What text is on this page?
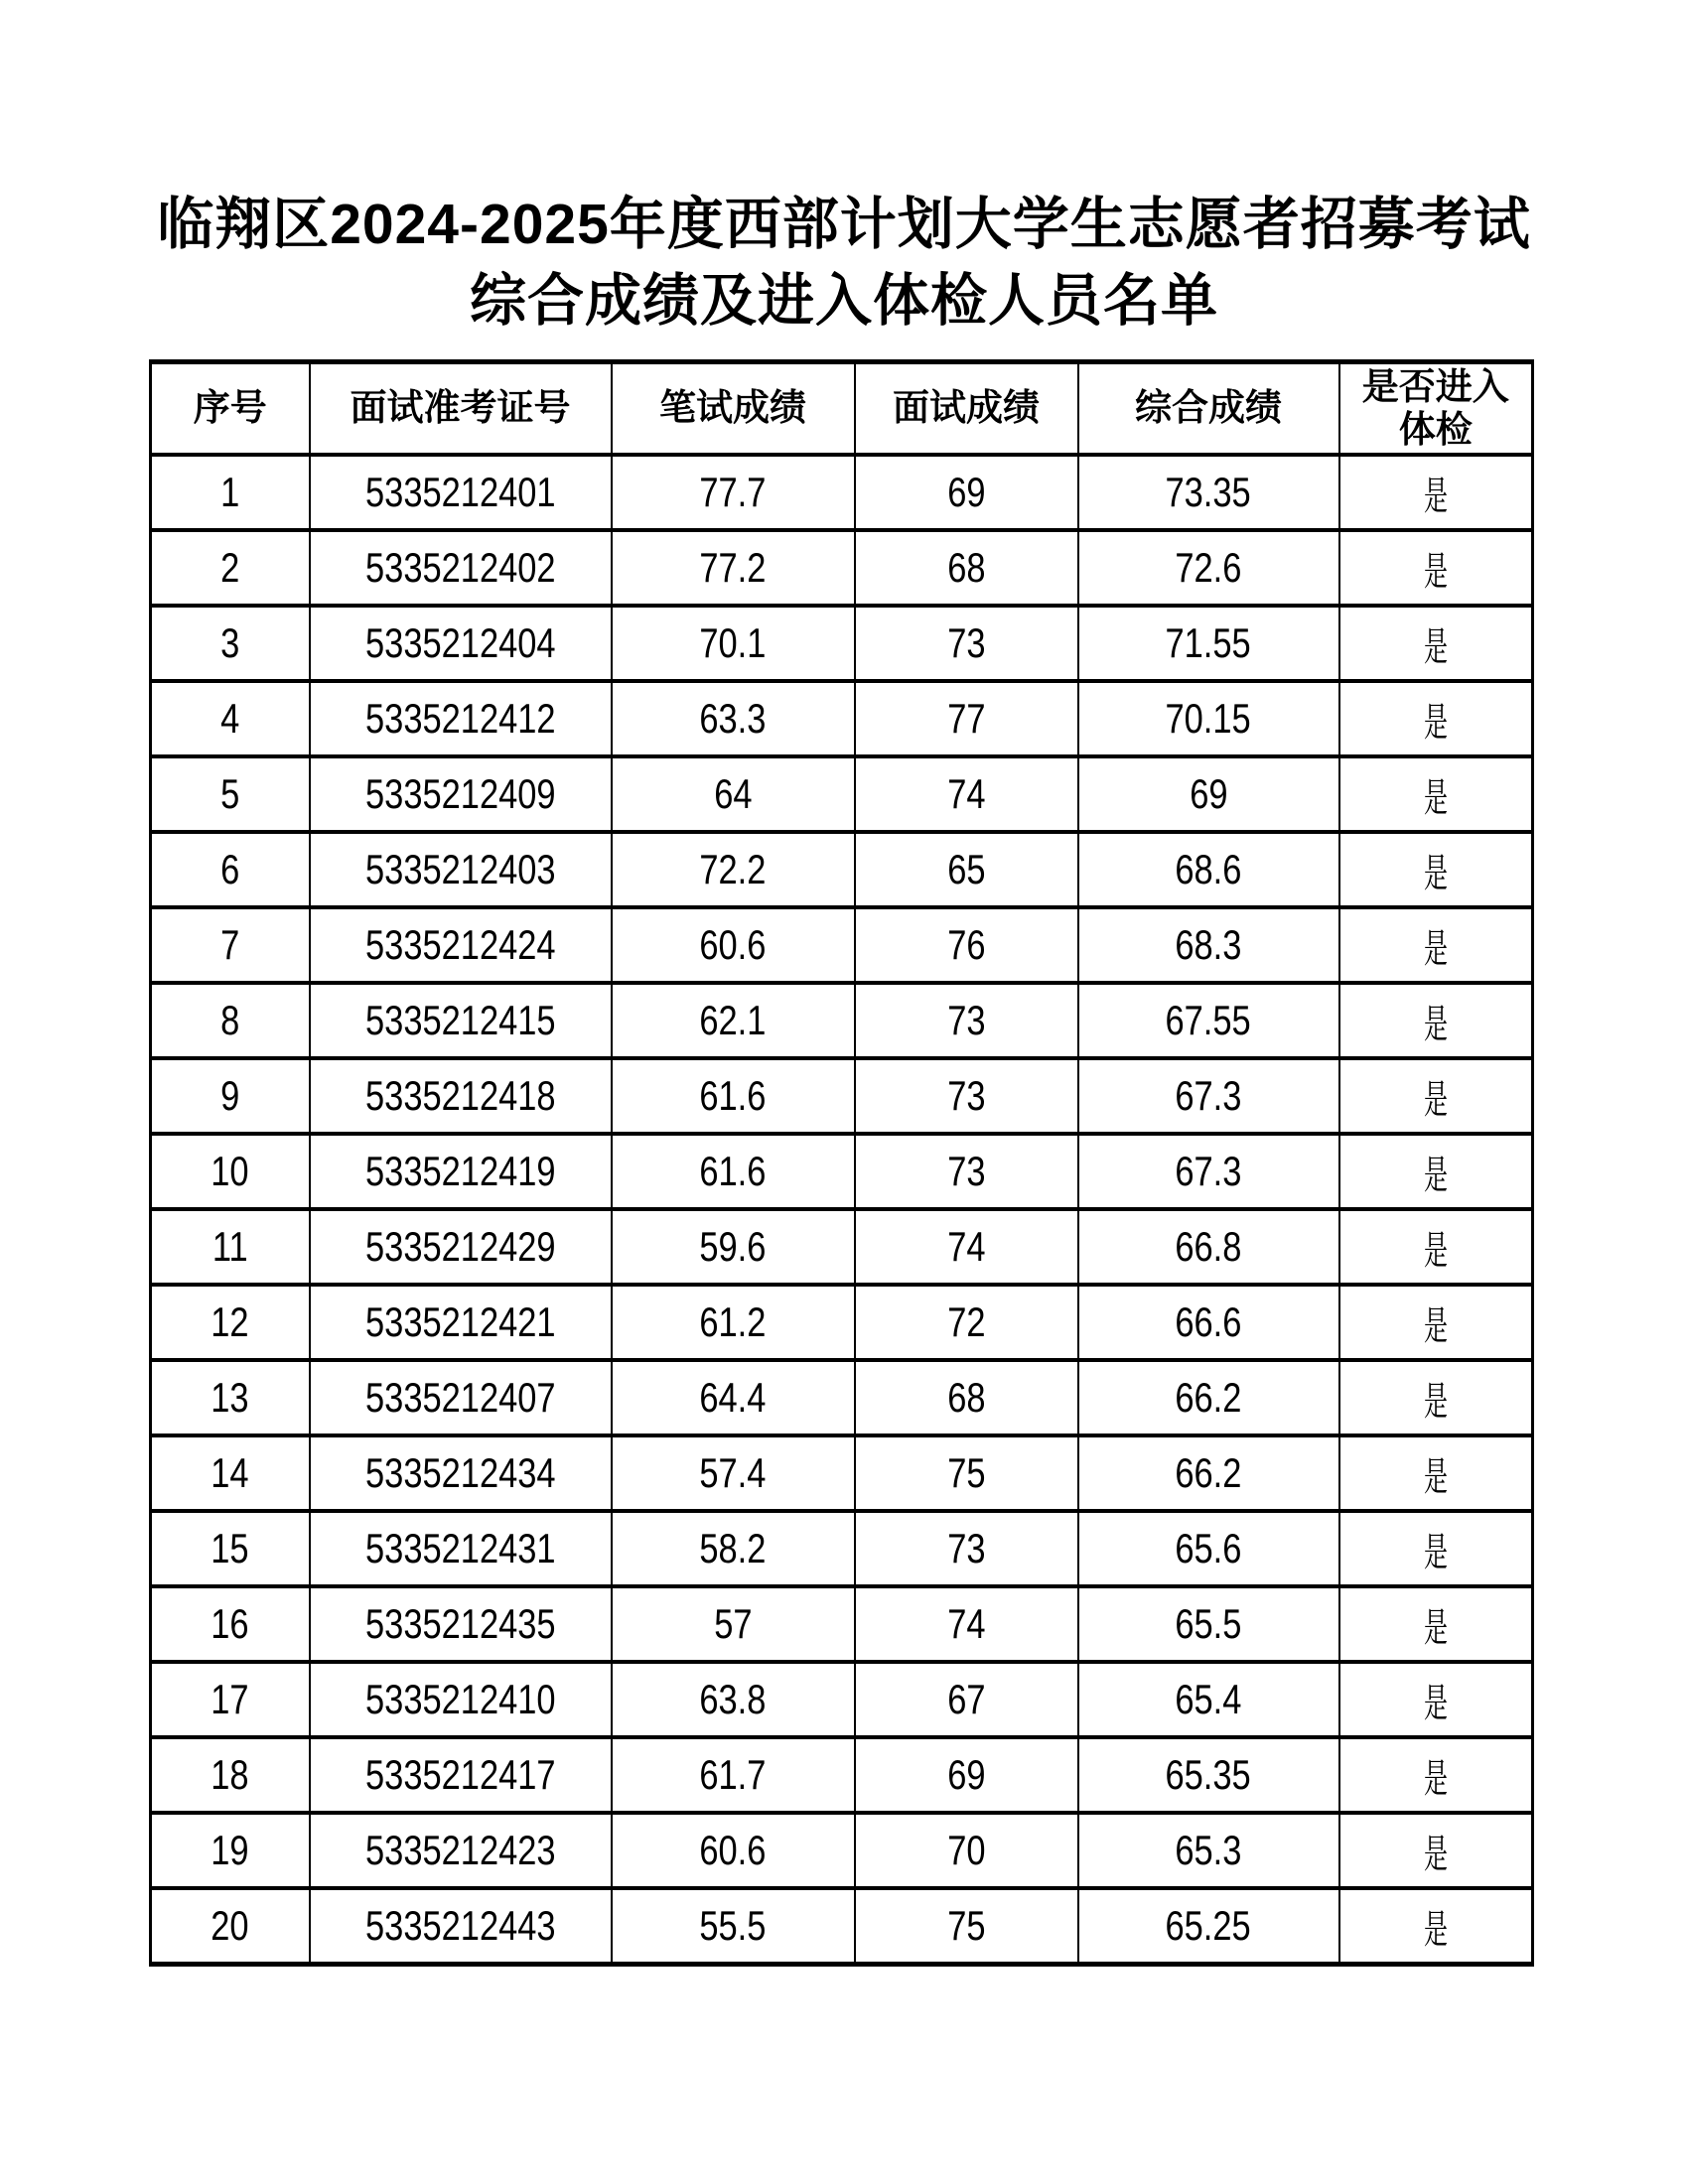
临翔区2024-2025年度西部计划大学生志愿者招募考试
综合成绩及进入体检人员名单
序号	面试准考证号	笔试成绩	面试成绩	综合成绩	是否进入体检
1	5335212401	77.7	69	73.35	是
2	5335212402	77.2	68	72.6	是
3	5335212404	70.1	73	71.55	是
4	5335212412	63.3	77	70.15	是
5	5335212409	64	74	69	是
6	5335212403	72.2	65	68.6	是
7	5335212424	60.6	76	68.3	是
8	5335212415	62.1	73	67.55	是
9	5335212418	61.6	73	67.3	是
10	5335212419	61.6	73	67.3	是
11	5335212429	59.6	74	66.8	是
12	5335212421	61.2	72	66.6	是
13	5335212407	64.4	68	66.2	是
14	5335212434	57.4	75	66.2	是
15	5335212431	58.2	73	65.6	是
16	5335212435	57	74	65.5	是
17	5335212410	63.8	67	65.4	是
18	5335212417	61.7	69	65.35	是
19	5335212423	60.6	70	65.3	是
20	5335212443	55.5	75	65.25	是
